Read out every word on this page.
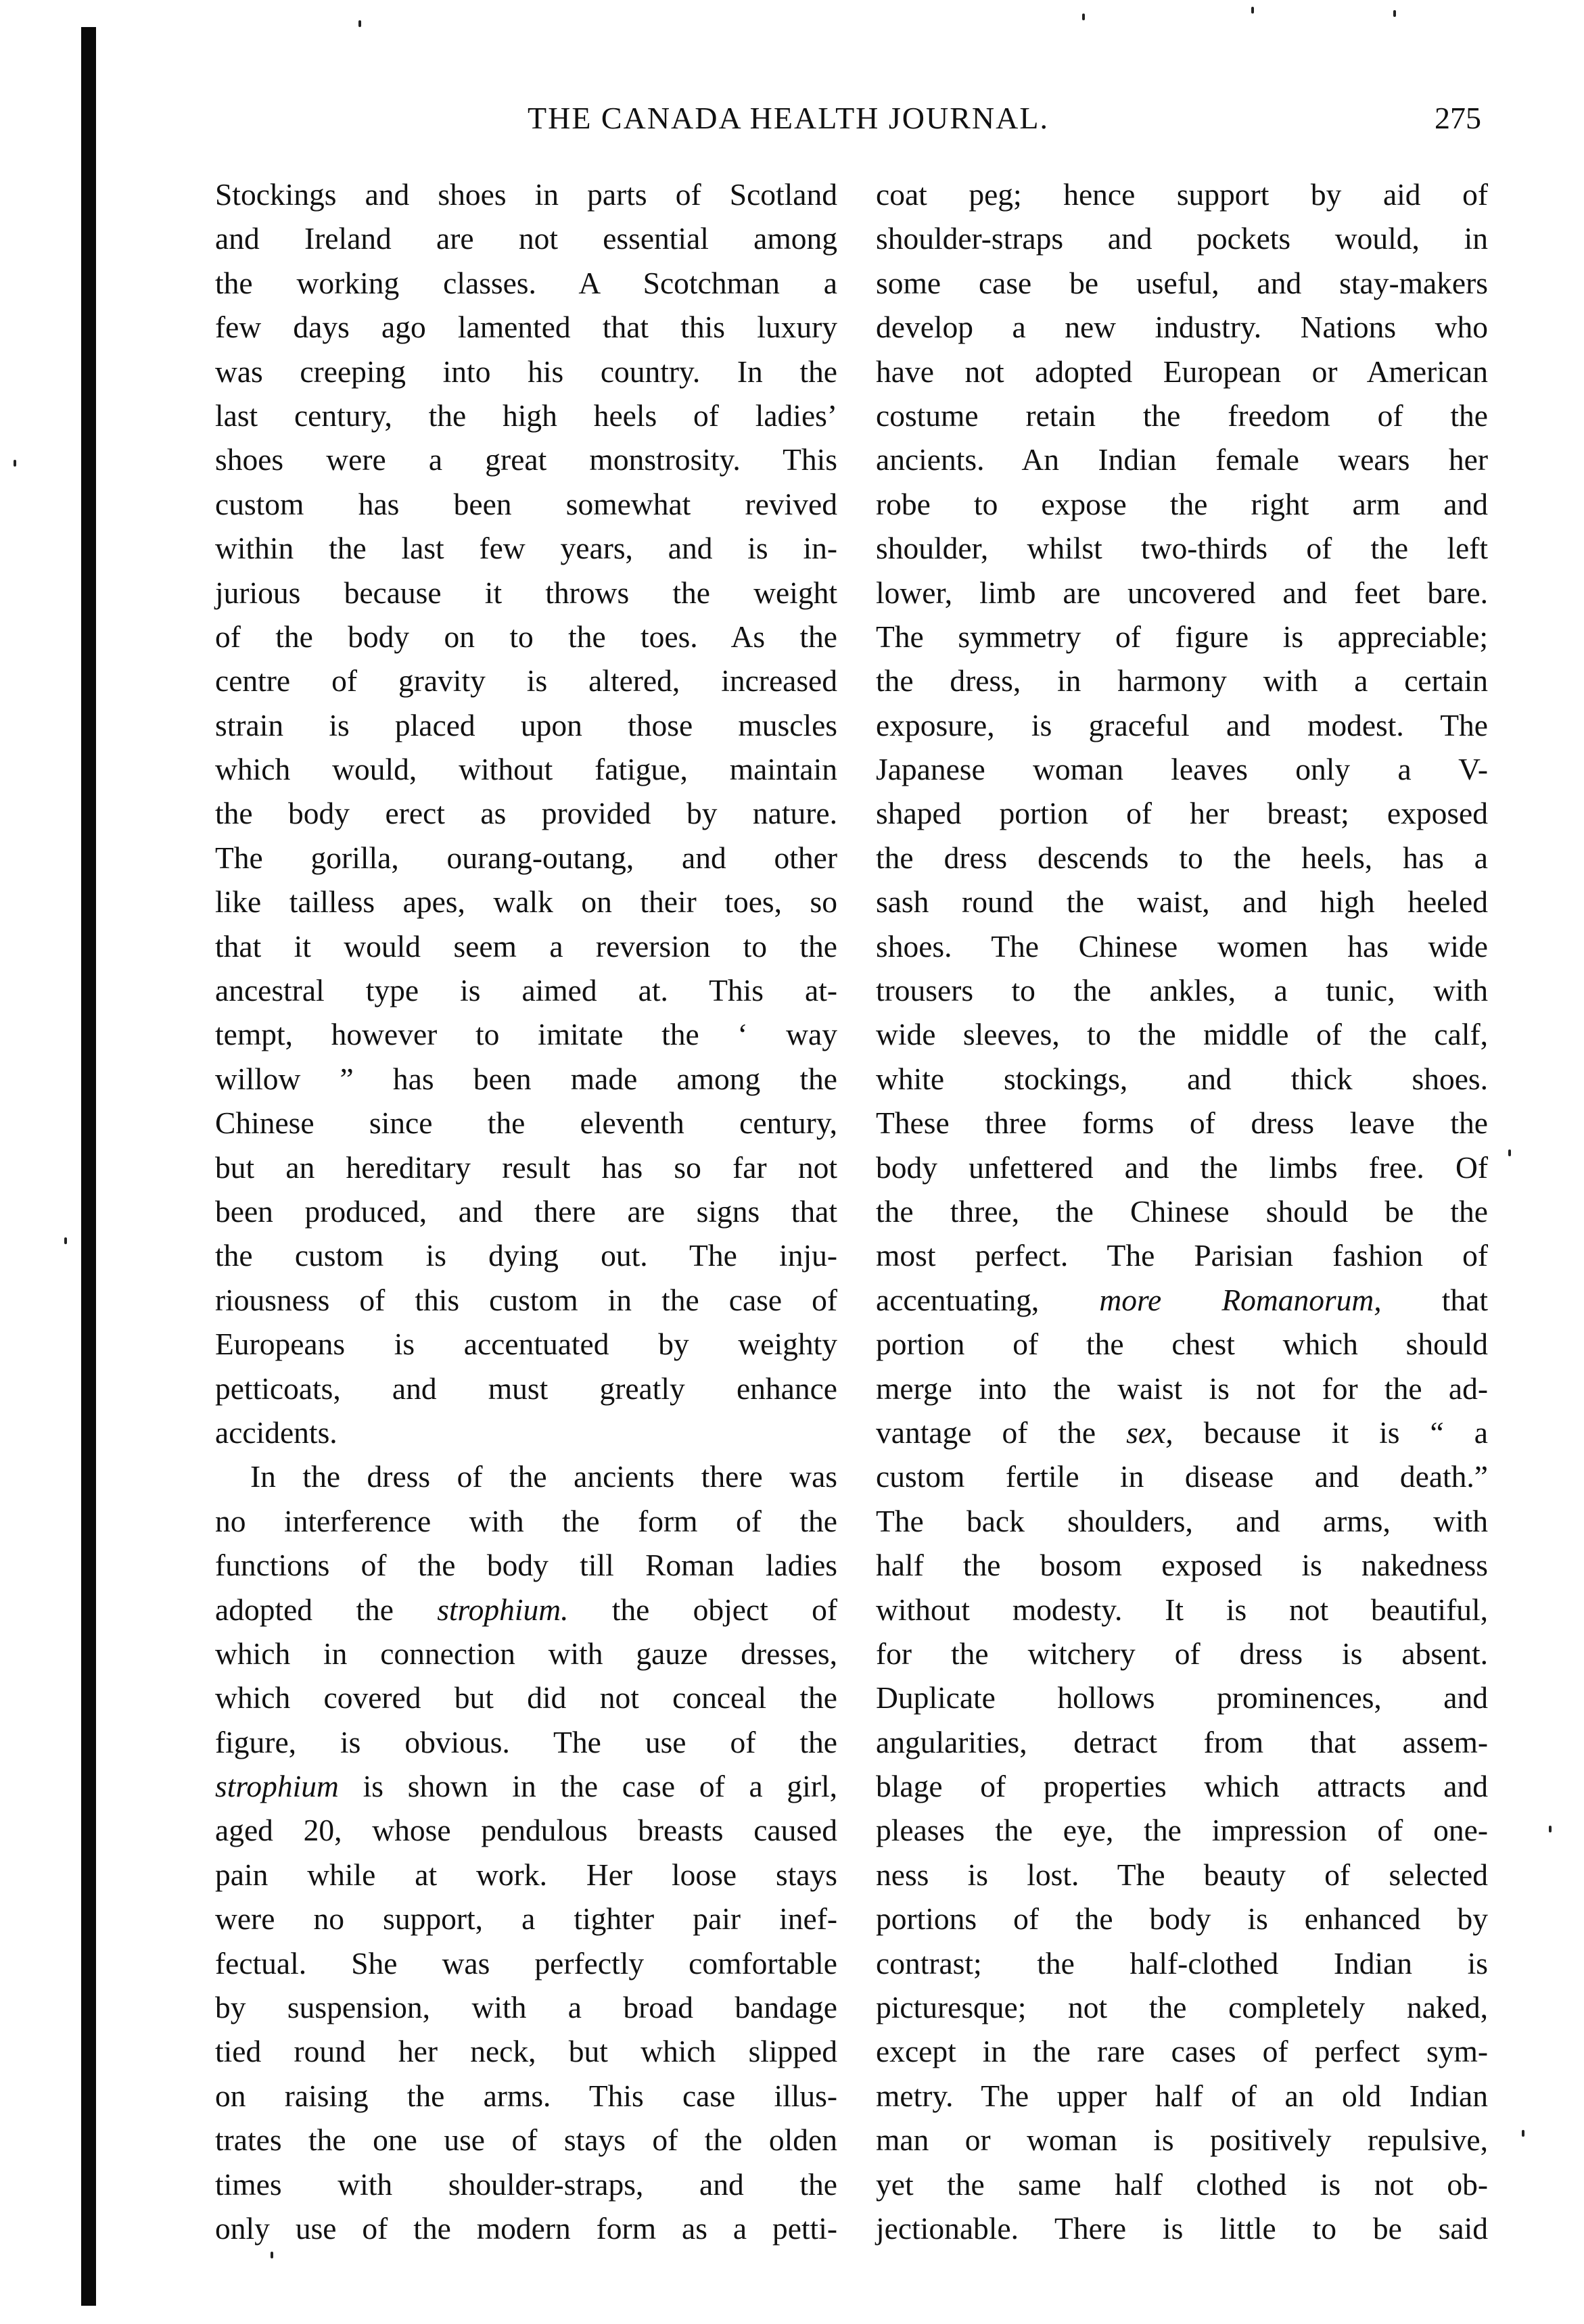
THE CANADA HEALTH JOURNAL.	275
Stockings and shoes in parts of Scotland
and Ireland are not essential among
the working classes. A Scotchman a
few days ago lamented that this luxury
was creeping into his country. In the
last century, the high heels of ladies’
shoes were a great monstrosity. This
custom has been somewhat revived
within the last few years, and is in-
jurious because it throws the weight
of the body on to the toes. As the
centre of gravity is altered, increased
strain is placed upon those muscles
which would, without fatigue, maintain
the body erect as provided by nature.
The gorilla, ourang-outang, and other
like tailless apes, walk on their toes, so
that it would seem a reversion to the
ancestral type is aimed at. This at-
tempt, however to imitate the ‘ way
willow ” has been made among the
Chinese since the eleventh century,
but an hereditary result has so far not
been produced, and there are signs that
the custom is dying out. The inju-
riousness of this custom in the case of
Europeans is accentuated by weighty
petticoats, and must greatly enhance
accidents.
In the dress of the ancients there was
no interference with the form of the
functions of the body till Roman ladies
adopted the strophium. the object of
which in connection with gauze dresses,
which covered but did not conceal the
figure, is obvious. The use of the
strophium is shown in the case of a girl,
aged 20, whose pendulous breasts caused
pain while at work. Her loose stays
were no support, a tighter pair inef-
fectual. She was perfectly comfortable
by suspension, with a broad bandage
tied round her neck, but which slipped
on raising the arms. This case illus-
trates the one use of stays of the olden
times with shoulder-straps, and the
only use of the modern form as a petti-
coat peg; hence support by aid of
shoulder-straps and pockets would, in
some case be useful, and stay-makers
develop a new industry. Nations who
have not adopted European or American
costume retain the freedom of the
ancients. An Indian female wears her
robe to expose the right arm and
shoulder, whilst two-thirds of the left
lower, limb are uncovered and feet bare.
The symmetry of figure is appreciable;
the dress, in harmony with a certain
exposure, is graceful and modest. The
Japanese woman leaves only a V-
shaped portion of her breast; exposed
the dress descends to the heels, has a
sash round the waist, and high heeled
shoes. The Chinese women has wide
trousers to the ankles, a tunic, with
wide sleeves, to the middle of the calf,
white stockings, and thick shoes.
These three forms of dress leave the
body unfettered and the limbs free. Of
the three, the Chinese should be the
most perfect. The Parisian fashion of
accentuating, more Romanorum, that
portion of the chest which should
merge into the waist is not for the ad-
vantage of the sex, because it is “ a
custom fertile in disease and death.”
The back shoulders, and arms, with
half the bosom exposed is nakedness
without modesty. It is not beautiful,
for the witchery of dress is absent.
Duplicate hollows prominences, and
angularities, detract from that assem-
blage of properties which attracts and
pleases the eye, the impression of one-
ness is lost. The beauty of selected
portions of the body is enhanced by
contrast; the half-clothed Indian is
picturesque; not the completely naked,
except in the rare cases of perfect sym-
metry. The upper half of an old Indian
man or woman is positively repulsive,
yet the same half clothed is not ob-
jectionable. There is little to be said
